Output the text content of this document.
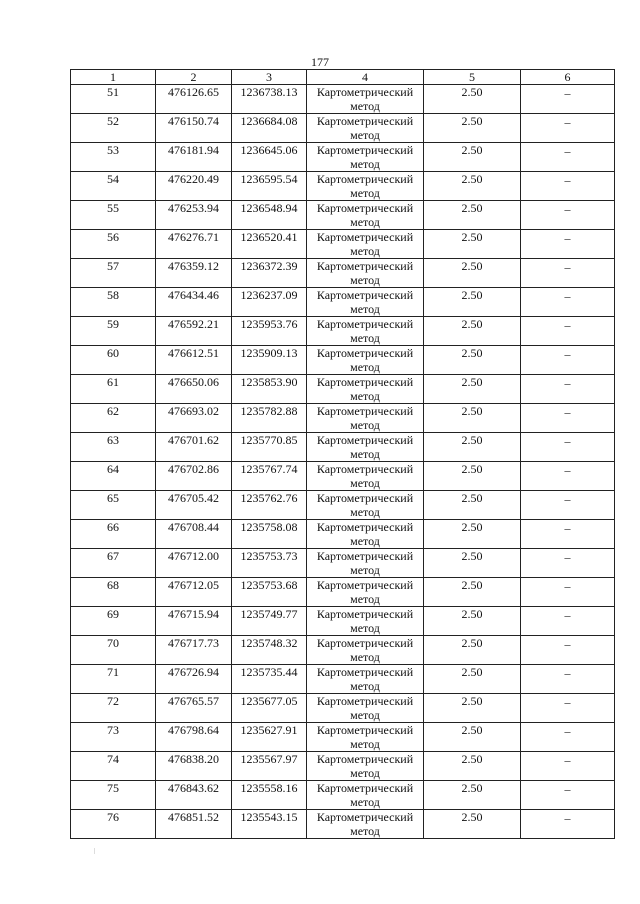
177
1	2	3	4	5	6

51	476126.65	1236738.13	Картометрический
метод	2.50	–

52	476150.74	1236684.08	Картометрический
метод	2.50	–

53	476181.94	1236645.06	Картометрический
метод	2.50	–

54	476220.49	1236595.54	Картометрический
метод	2.50	–

55	476253.94	1236548.94	Картометрический
метод	2.50	–

56	476276.71	1236520.41	Картометрический
метод	2.50	–

57	476359.12	1236372.39	Картометрический
метод	2.50	–

58	476434.46	1236237.09	Картометрический
метод	2.50	–

59	476592.21	1235953.76	Картометрический
метод	2.50	–

60	476612.51	1235909.13	Картометрический
метод	2.50	–

61	476650.06	1235853.90	Картометрический
метод	2.50	–

62	476693.02	1235782.88	Картометрический
метод	2.50	–

63	476701.62	1235770.85	Картометрический
метод	2.50	–

64	476702.86	1235767.74	Картометрический
метод	2.50	–

65	476705.42	1235762.76	Картометрический
метод	2.50	–

66	476708.44	1235758.08	Картометрический
метод	2.50	–

67	476712.00	1235753.73	Картометрический
метод	2.50	–

68	476712.05	1235753.68	Картометрический
метод	2.50	–

69	476715.94	1235749.77	Картометрический
метод	2.50	–

70	476717.73	1235748.32	Картометрический
метод	2.50	–

71	476726.94	1235735.44	Картометрический
метод	2.50	–

72	476765.57	1235677.05	Картометрический
метод	2.50	–

73	476798.64	1235627.91	Картометрический
метод	2.50	–

74	476838.20	1235567.97	Картометрический
метод	2.50	–

75	476843.62	1235558.16	Картометрический
метод	2.50	–

76	476851.52	1235543.15	Картометрический
метод	2.50	–
